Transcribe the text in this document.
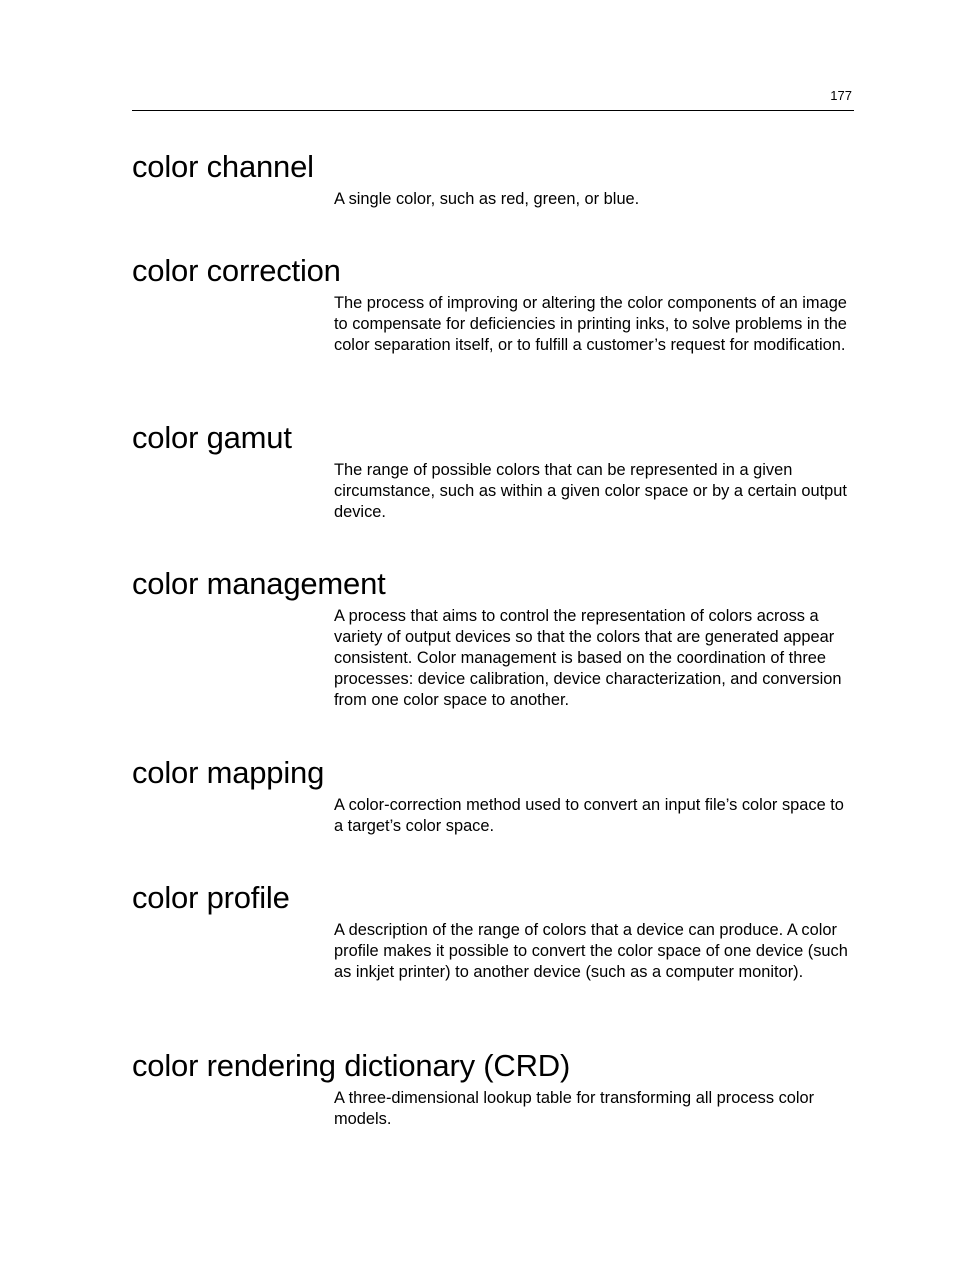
177
color channel

A single color, such as red, green, or blue.

color correction

The process of improving or altering the color components of an image to compensate for deficiencies in printing inks, to solve problems in the color separation itself, or to fulfill a customer’s request for modification.

color gamut

The range of possible colors that can be represented in a given circumstance, such as within a given color space or by a certain output device.

color management

A process that aims to control the representation of colors across a variety of output devices so that the colors that are generated appear consistent. Color management is based on the coordination of three processes: device calibration, device characterization, and conversion from one color space to another.

color mapping

A color-correction method used to convert an input file’s color space to a target’s color space.

color profile

A description of the range of colors that a device can produce. A color profile makes it possible to convert the color space of one device (such as inkjet printer) to another device (such as a computer monitor).

color rendering dictionary (CRD)

A three-dimensional lookup table for transforming all process color models.
